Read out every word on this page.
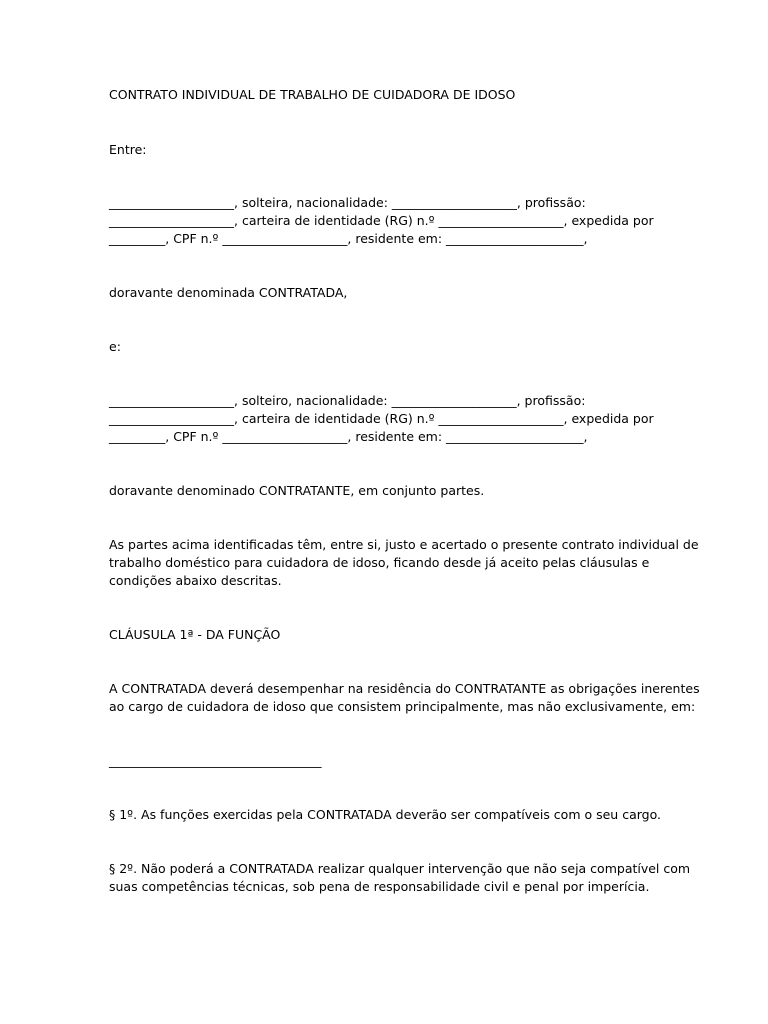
CONTRATO INDIVIDUAL DE TRABALHO DE CUIDADORA DE IDOSO

Entre:

____________________, solteira, nacionalidade: ____________________, profissão:
____________________, carteira de identidade (RG) n.º ____________________, expedida por
_________, CPF n.º ____________________, residente em: ______________________,

doravante denominada CONTRATADA,

e:

____________________, solteiro, nacionalidade: ____________________, profissão:
____________________, carteira de identidade (RG) n.º ____________________, expedida por
_________, CPF n.º ____________________, residente em: ______________________,

doravante denominado CONTRATANTE, em conjunto partes.

As partes acima identificadas têm, entre si, justo e acertado o presente contrato individual de
trabalho doméstico para cuidadora de idoso, ficando desde já aceito pelas cláusulas e
condições abaixo descritas.

CLÁUSULA 1ª - DA FUNÇÃO

A CONTRATADA deverá desempenhar na residência do CONTRATANTE as obrigações inerentes
ao cargo de cuidadora de idoso que consistem principalmente, mas não exclusivamente, em:

__________________________________

§ 1º. As funções exercidas pela CONTRATADA deverão ser compatíveis com o seu cargo.

§ 2º. Não poderá a CONTRATADA realizar qualquer intervenção que não seja compatível com
suas competências técnicas, sob pena de responsabilidade civil e penal por imperícia.
